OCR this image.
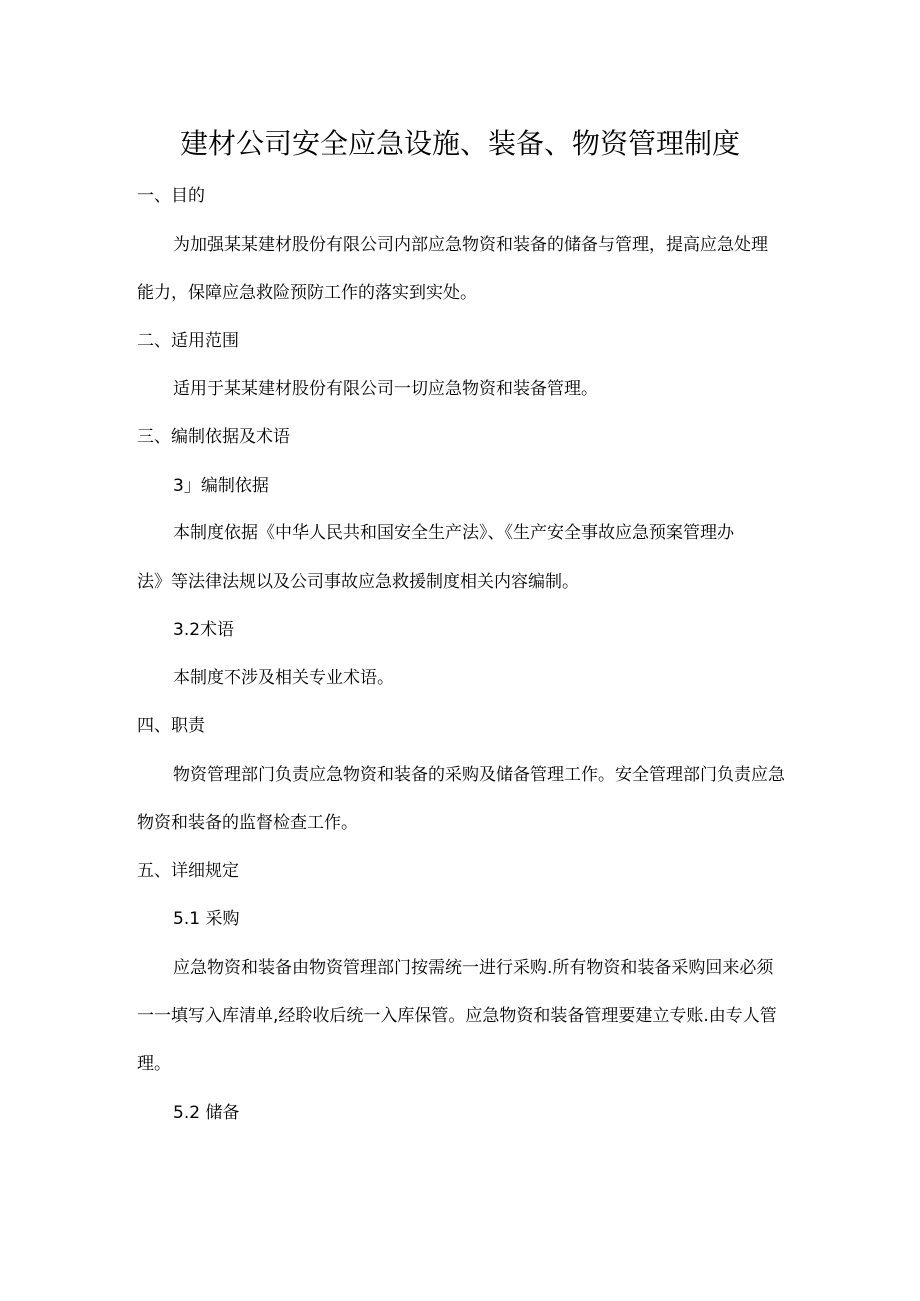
建材公司安全应急设施、装备、物资管理制度
一、目的
为加强某某建材股份有限公司内部应急物资和装备的储备与管理，提高应急处理
能力，保障应急救险预防工作的落实到实处。
二、适用范围
适用于某某建材股份有限公司一切应急物资和装备管理。
三、编制依据及术语
3」编制依据
本制度依据《中华人民共和国安全生产法》、《生产安全事故应急预案管理办
法》等法律法规以及公司事故应急救援制度相关内容编制。
3.2术语
本制度不涉及相关专业术语。
四、职责
物资管理部门负责应急物资和装备的采购及储备管理工作。安全管理部门负责应急
物资和装备的监督检查工作。
五、详细规定
5.1 采购
应急物资和装备由物资管理部门按需统一进行采购.所有物资和装备采购回来必须
一一填写入库清单,经聆收后统一入库保管。应急物资和装备管理要建立专账.由专人管
理。
5.2 储备
